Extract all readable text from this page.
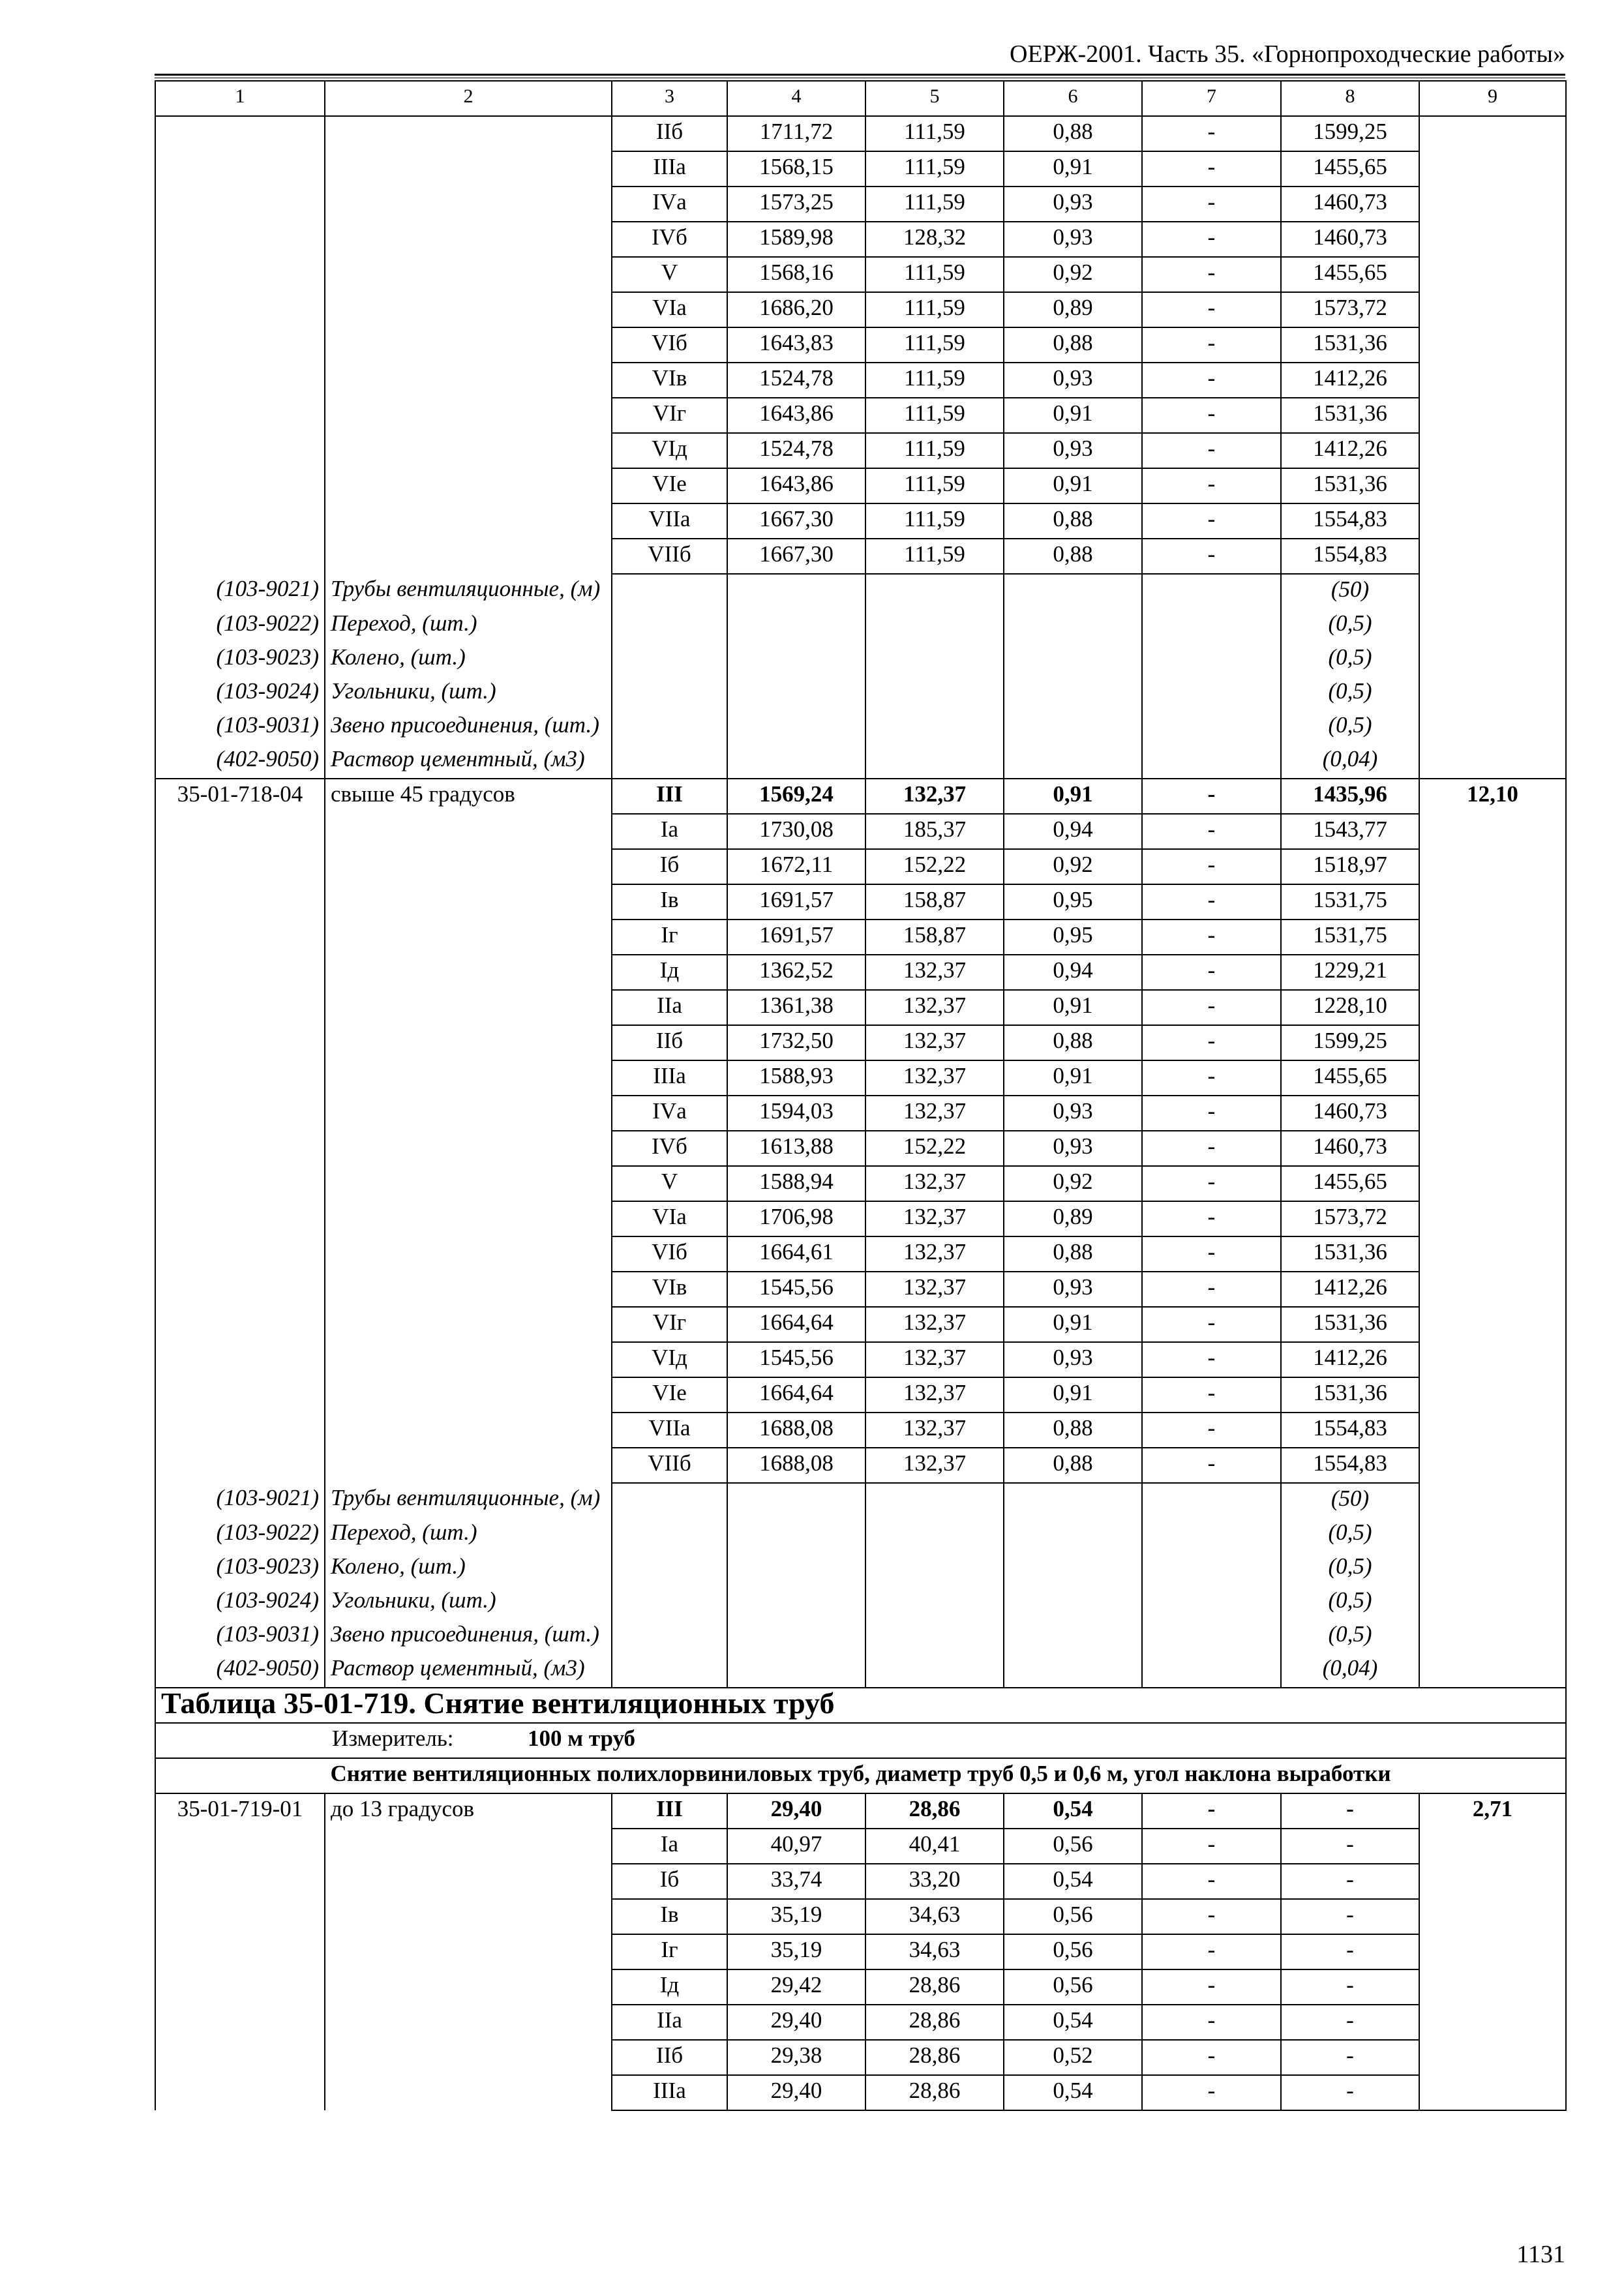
ОЕРЖ-2001. Часть 35. «Горнопроходческие работы»
1	2	3	4	5	6	7	8	9
		IIб	1711,72	111,59	0,88	-	1599,25	
		IIIа	1568,15	111,59	0,91	-	1455,65	
		IVа	1573,25	111,59	0,93	-	1460,73	
		IVб	1589,98	128,32	0,93	-	1460,73	
		V	1568,16	111,59	0,92	-	1455,65	
		VIа	1686,20	111,59	0,89	-	1573,72	
		VIб	1643,83	111,59	0,88	-	1531,36	
		VIв	1524,78	111,59	0,93	-	1412,26	
		VIг	1643,86	111,59	0,91	-	1531,36	
		VIд	1524,78	111,59	0,93	-	1412,26	
		VIе	1643,86	111,59	0,91	-	1531,36	
		VIIа	1667,30	111,59	0,88	-	1554,83	
		VIIб	1667,30	111,59	0,88	-	1554,83	
(103-9021)	Трубы вентиляционные, (м)						(50)	
(103-9022)	Переход, (шт.)						(0,5)	
(103-9023)	Колено, (шт.)						(0,5)	
(103-9024)	Угольники, (шт.)						(0,5)	
(103-9031)	Звено присоединения, (шт.)						(0,5)	
(402-9050)	Раствор цементный, (м3)						(0,04)	
35-01-718-04	свыше 45 градусов	III	1569,24	132,37	0,91	-	1435,96	12,10
		Iа	1730,08	185,37	0,94	-	1543,77	
		Iб	1672,11	152,22	0,92	-	1518,97	
		Iв	1691,57	158,87	0,95	-	1531,75	
		Iг	1691,57	158,87	0,95	-	1531,75	
		Iд	1362,52	132,37	0,94	-	1229,21	
		IIа	1361,38	132,37	0,91	-	1228,10	
		IIб	1732,50	132,37	0,88	-	1599,25	
		IIIа	1588,93	132,37	0,91	-	1455,65	
		IVа	1594,03	132,37	0,93	-	1460,73	
		IVб	1613,88	152,22	0,93	-	1460,73	
		V	1588,94	132,37	0,92	-	1455,65	
		VIа	1706,98	132,37	0,89	-	1573,72	
		VIб	1664,61	132,37	0,88	-	1531,36	
		VIв	1545,56	132,37	0,93	-	1412,26	
		VIг	1664,64	132,37	0,91	-	1531,36	
		VIд	1545,56	132,37	0,93	-	1412,26	
		VIе	1664,64	132,37	0,91	-	1531,36	
		VIIа	1688,08	132,37	0,88	-	1554,83	
		VIIб	1688,08	132,37	0,88	-	1554,83	
(103-9021)	Трубы вентиляционные, (м)						(50)	
(103-9022)	Переход, (шт.)						(0,5)	
(103-9023)	Колено, (шт.)						(0,5)	
(103-9024)	Угольники, (шт.)						(0,5)	
(103-9031)	Звено присоединения, (шт.)						(0,5)	
(402-9050)	Раствор цементный, (м3)						(0,04)	
Таблица 35-01-719. Снятие вентиляционных труб								
Измеритель: 100 м труб								
Снятие вентиляционных полихлорвиниловых труб, диаметр труб 0,5 и 0,6 м, угол наклона выработки								
35-01-719-01	до 13 градусов	III	29,40	28,86	0,54	-	-	2,71
		Iа	40,97	40,41	0,56	-	-	
		Iб	33,74	33,20	0,54	-	-	
		Iв	35,19	34,63	0,56	-	-	
		Iг	35,19	34,63	0,56	-	-	
		Iд	29,42	28,86	0,56	-	-	
		IIа	29,40	28,86	0,54	-	-	
		IIб	29,38	28,86	0,52	-	-	
		IIIа	29,40	28,86	0,54	-	-	
1131
